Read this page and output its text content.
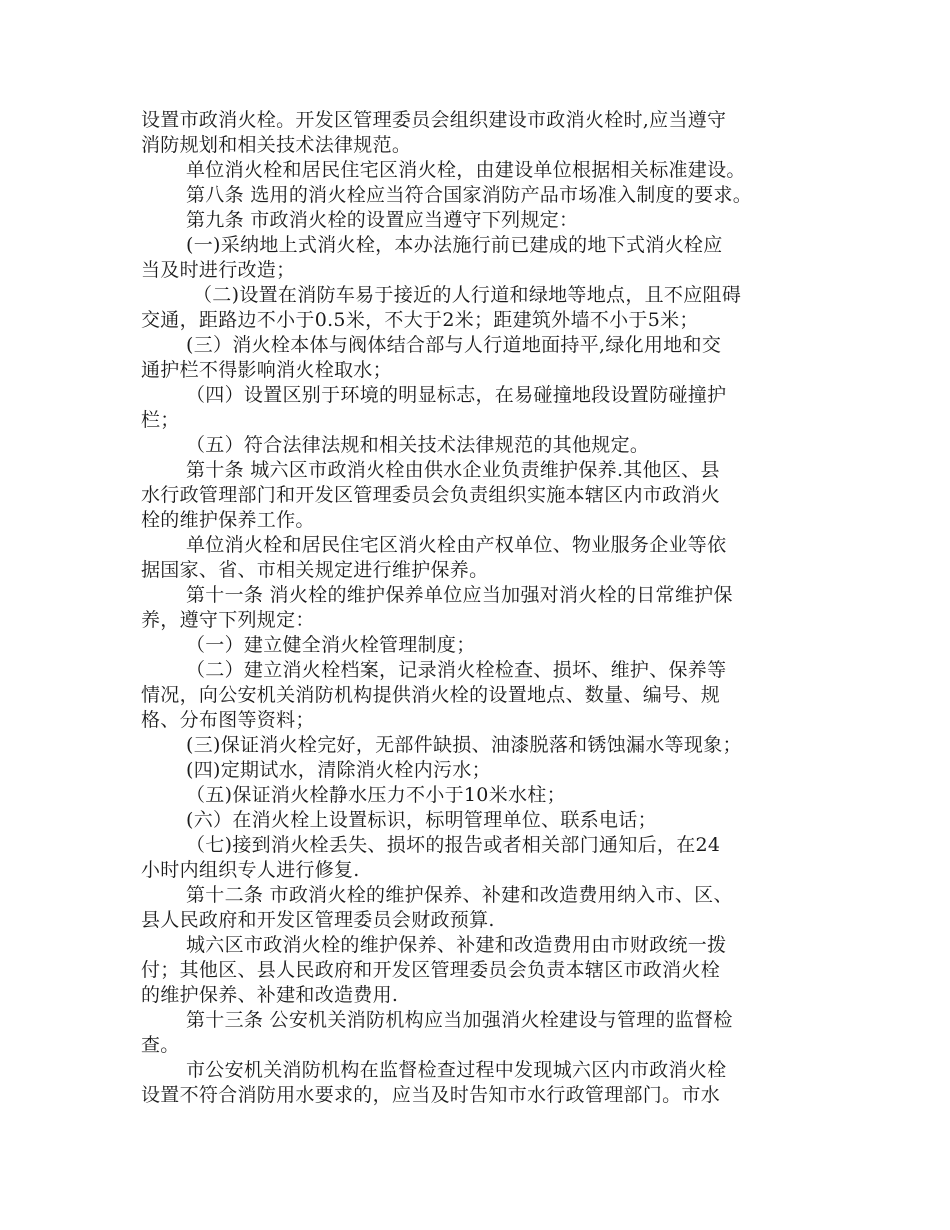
设置市政消火栓。开发区管理委员会组织建设市政消火栓时,应当遵守
消防规划和相关技术法律规范。
单位消火栓和居民住宅区消火栓，由建设单位根据相关标准建设。
第八条 选用的消火栓应当符合国家消防产品市场准入制度的要求。
第九条 市政消火栓的设置应当遵守下列规定：
(一)采纳地上式消火栓，本办法施行前已建成的地下式消火栓应
当及时进行改造；
（二)设置在消防车易于接近的人行道和绿地等地点，且不应阻碍
交通，距路边不小于0.5米，不大于2米；距建筑外墙不小于5米；
(三）消火栓本体与阀体结合部与人行道地面持平,绿化用地和交
通护栏不得影响消火栓取水；
（四）设置区别于环境的明显标志，在易碰撞地段设置防碰撞护
栏；
（五）符合法律法规和相关技术法律规范的其他规定。
第十条 城六区市政消火栓由供水企业负责维护保养.其他区、县
水行政管理部门和开发区管理委员会负责组织实施本辖区内市政消火
栓的维护保养工作。
单位消火栓和居民住宅区消火栓由产权单位、物业服务企业等依
据国家、省、市相关规定进行维护保养。
第十一条 消火栓的维护保养单位应当加强对消火栓的日常维护保
养，遵守下列规定：
（一）建立健全消火栓管理制度；
（二）建立消火栓档案，记录消火栓检查、损坏、维护、保养等
情况，向公安机关消防机构提供消火栓的设置地点、数量、编号、规
格、分布图等资料；
(三)保证消火栓完好，无部件缺损、油漆脱落和锈蚀漏水等现象；
(四)定期试水，清除消火栓内污水；
（五)保证消火栓静水压力不小于10米水柱；
(六）在消火栓上设置标识，标明管理单位、联系电话；
（七)接到消火栓丢失、损坏的报告或者相关部门通知后，在24
小时内组织专人进行修复.
第十二条 市政消火栓的维护保养、补建和改造费用纳入市、区、
县人民政府和开发区管理委员会财政预算.
城六区市政消火栓的维护保养、补建和改造费用由市财政统一拨
付；其他区、县人民政府和开发区管理委员会负责本辖区市政消火栓
的维护保养、补建和改造费用.
第十三条 公安机关消防机构应当加强消火栓建设与管理的监督检
查。
市公安机关消防机构在监督检查过程中发现城六区内市政消火栓
设置不符合消防用水要求的，应当及时告知市水行政管理部门。市水
